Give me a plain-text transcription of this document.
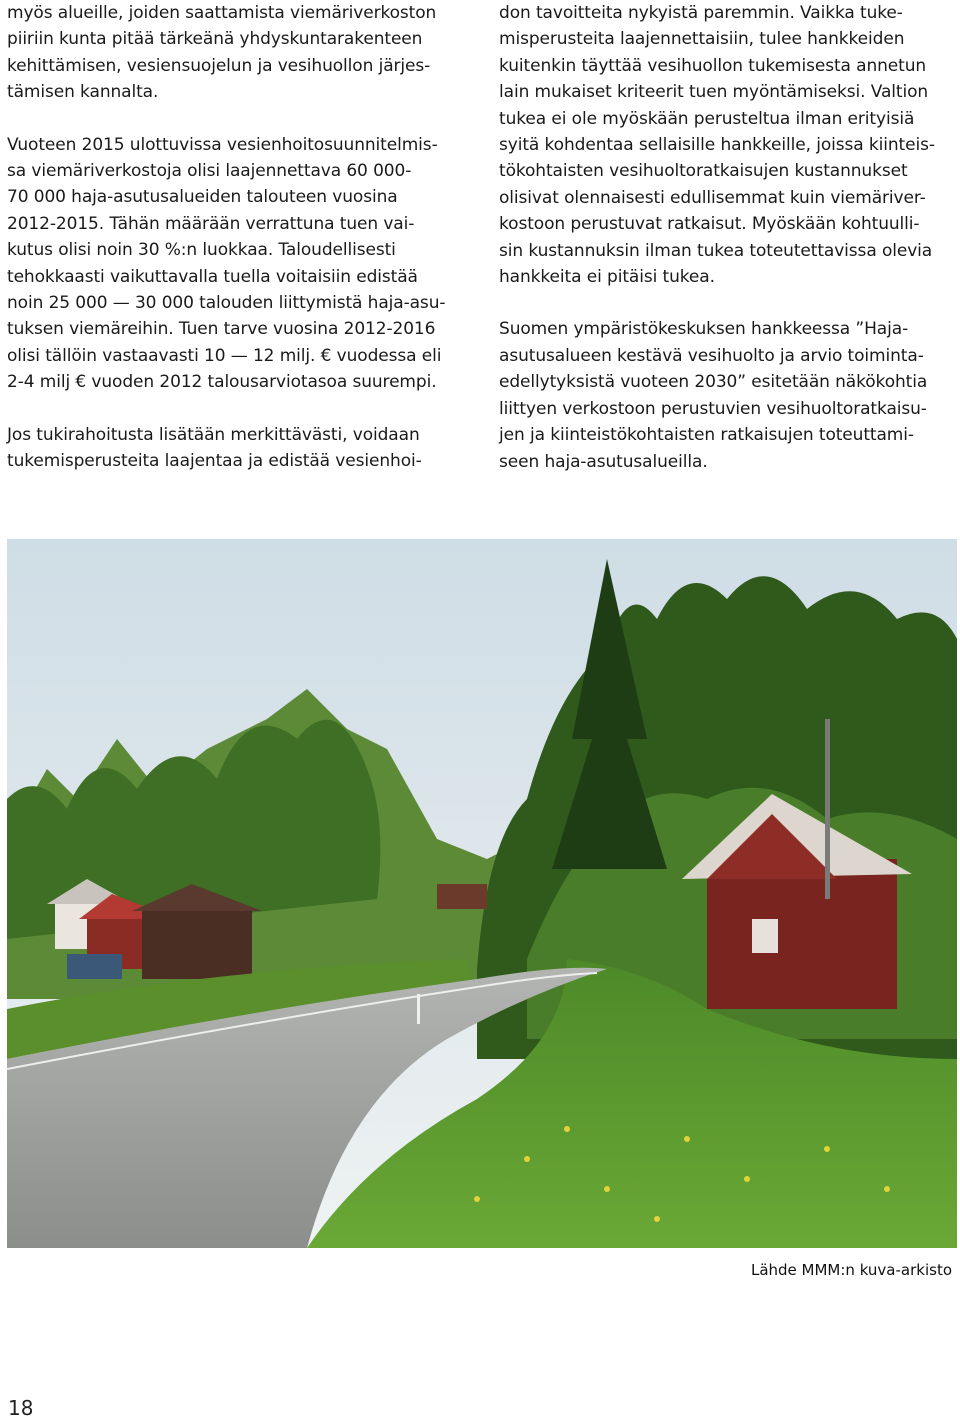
myös alueille, joiden saattamista viemäriverkoston
piiriin kunta pitää tärkeänä yhdyskuntarakenteen
kehittämisen, vesiensuojelun ja vesihuollon järjes-
tämisen kannalta.

Vuoteen 2015 ulottuvissa vesienhoitosuunnitelmis-
sa viemäriverkostoja olisi laajennettava 60 000-
70 000 haja-asutusalueiden talouteen vuosina
2012-2015. Tähän määrään verrattuna tuen vai-
kutus olisi noin 30 %:n luokkaa. Taloudellisesti
tehokkaasti vaikuttavalla tuella voitaisiin edistää
noin 25 000 — 30 000 talouden liittymistä haja-asu-
tuksen viemäreihin. Tuen tarve vuosina 2012-2016
olisi tällöin vastaavasti 10 — 12 milj. € vuodessa eli
2-4 milj € vuoden 2012 talousarviotasoa suurempi.

Jos tukirahoitusta lisätään merkittävästi, voidaan
tukemisperusteita laajentaa ja edistää vesienhoi-

don tavoitteita nykyistä paremmin. Vaikka tuke-
misperusteita laajennettaisiin, tulee hankkeiden
kuitenkin täyttää vesihuollon tukemisesta annetun
lain mukaiset kriteerit tuen myöntämiseksi. Valtion
tukea ei ole myöskään perusteltua ilman erityisiä
syitä kohdentaa sellaisille hankkeille, joissa kiinteis-
tökohtaisten vesihuoltoratkaisujen kustannukset
olisivat olennaisesti edullisemmat kuin viemäriver-
kostoon perustuvat ratkaisut. Myöskään kohtuulli-
sin kustannuksin ilman tukea toteutettavissa olevia
hankkeita ei pitäisi tukea.

Suomen ympäristökeskuksen hankkeessa ”Haja-
asutusalueen kestävä vesihuolto ja arvio toiminta-
edellytyksistä vuoteen 2030” esitetään näkökohtia
liittyen verkostoon perustuvien vesihuoltoratkaisu-
jen ja kiinteistökohtaisten ratkaisujen toteuttami-
seen haja-asutusalueilla.

Lähde MMM:n kuva-arkisto
18
